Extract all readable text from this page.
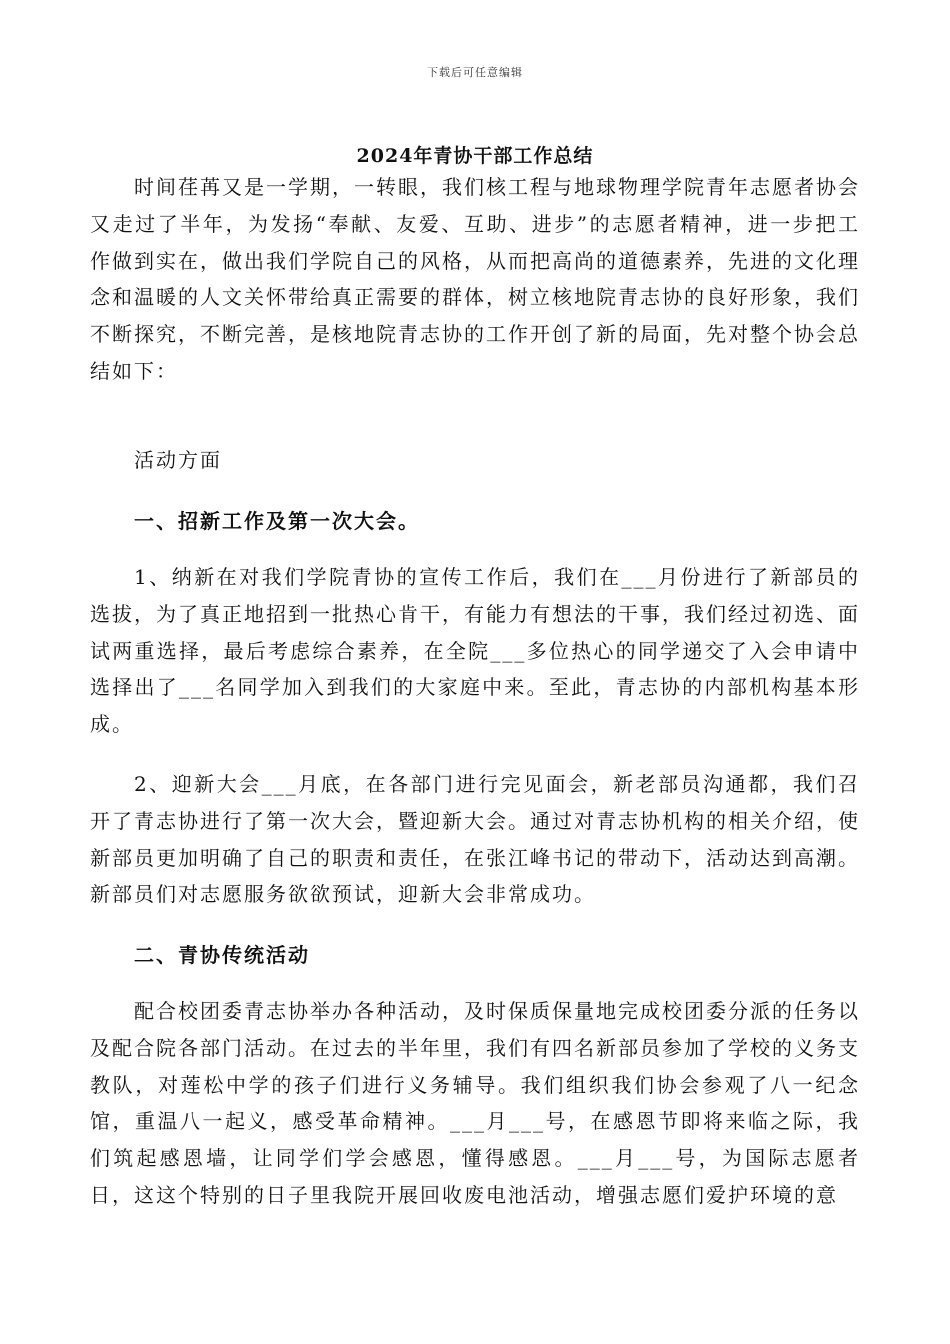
下载后可任意编辑
2024年青协干部工作总结
时间荏苒又是一学期，一转眼，我们核工程与地球物理学院青年志愿者协会又走过了半年，为发扬“奉献、友爱、互助、进步”的志愿者精神，进一步把工作做到实在，做出我们学院自己的风格，从而把高尚的道德素养，先进的文化理念和温暖的人文关怀带给真正需要的群体，树立核地院青志协的良好形象，我们不断探究，不断完善，是核地院青志协的工作开创了新的局面，先对整个协会总结如下：
活动方面
一、招新工作及第一次大会。
1、纳新在对我们学院青协的宣传工作后，我们在___月份进行了新部员的选拔，为了真正地招到一批热心肯干，有能力有想法的干事，我们经过初选、面试两重选择，最后考虑综合素养，在全院___多位热心的同学递交了入会申请中选择出了___名同学加入到我们的大家庭中来。至此，青志协的内部机构基本形成。
2、迎新大会___月底，在各部门进行完见面会，新老部员沟通都，我们召开了青志协进行了第一次大会，暨迎新大会。通过对青志协机构的相关介绍，使新部员更加明确了自己的职责和责任，在张江峰书记的带动下，活动达到高潮。新部员们对志愿服务欲欲预试，迎新大会非常成功。
二、青协传统活动
配合校团委青志协举办各种活动，及时保质保量地完成校团委分派的任务以及配合院各部门活动。在过去的半年里，我们有四名新部员参加了学校的义务支教队，对莲松中学的孩子们进行义务辅导。我们组织我们协会参观了八一纪念馆，重温八一起义，感受革命精神。___月___号，在感恩节即将来临之际，我们筑起感恩墙，让同学们学会感恩，懂得感恩。___月___号，为国际志愿者日，这这个特别的日子里我院开展回收废电池活动，增强志愿们爱护环境的意
